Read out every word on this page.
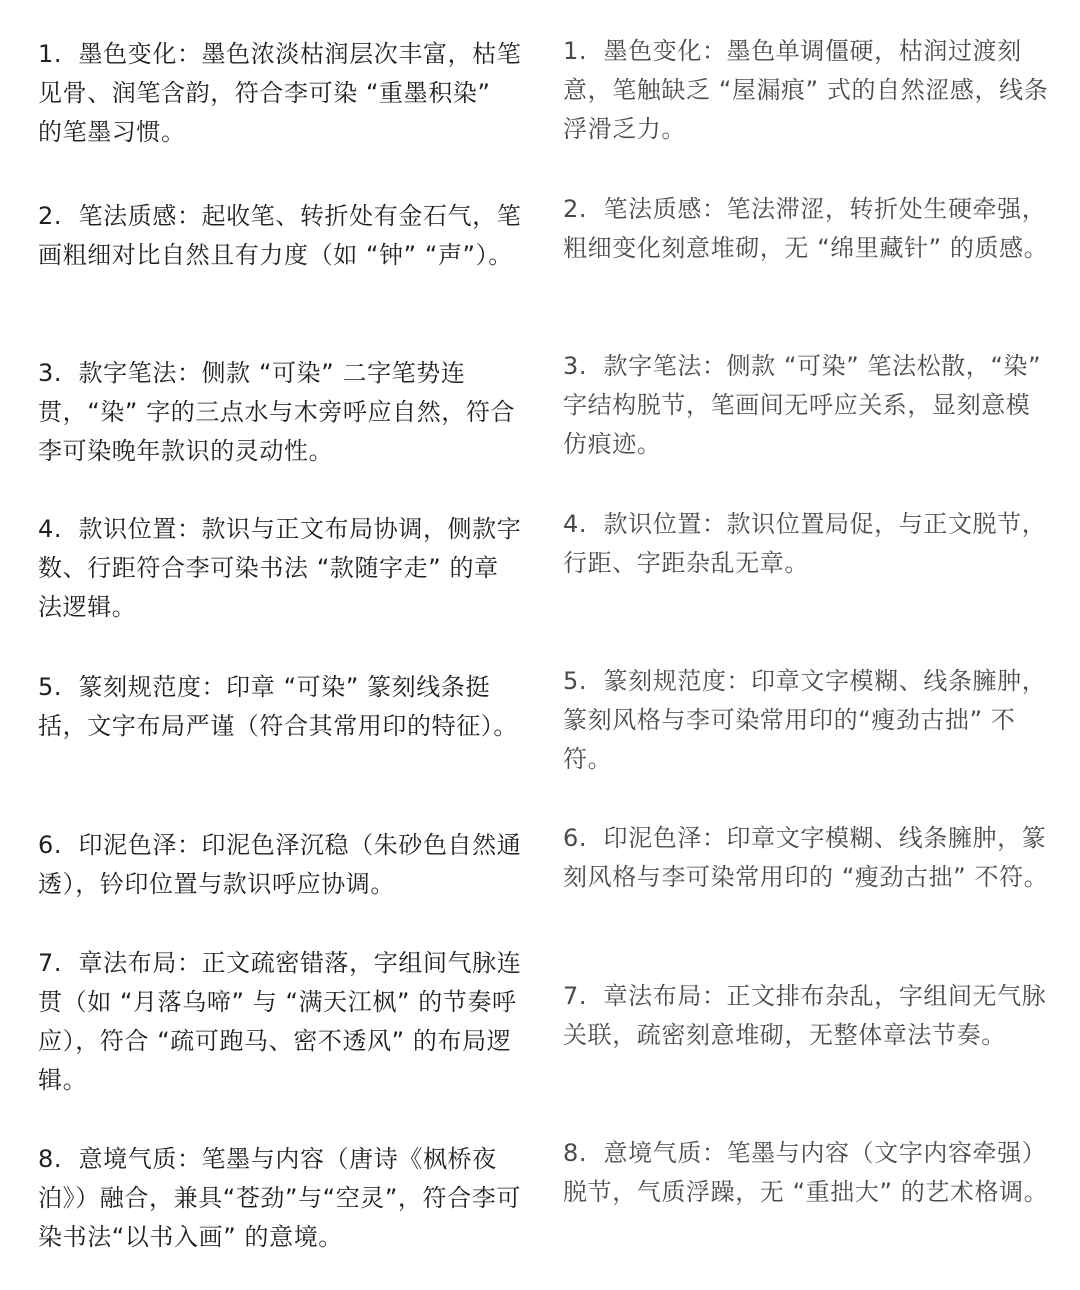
1.  墨色变化：墨色浓淡枯润层次丰富，枯笔见骨、润笔含韵，符合李可染 “重墨积染” 的笔墨习惯。
2.  笔法质感：起收笔、转折处有金石气，笔画粗细对比自然且有力度（如 “钟” “声”）。
3.  款字笔法：侧款 “可染” 二字笔势连贯，“染” 字的三点水与木旁呼应自然，符合李可染晚年款识的灵动性。
4.  款识位置：款识与正文布局协调，侧款字数、行距符合李可染书法 “款随字走” 的章法逻辑。
5.  篆刻规范度：印章 “可染” 篆刻线条挺括，文字布局严谨（符合其常用印的特征）。
6.  印泥色泽：印泥色泽沉稳（朱砂色自然通透），钤印位置与款识呼应协调。
7.  章法布局：正文疏密错落，字组间气脉连贯（如 “月落乌啼” 与 “满天江枫” 的节奏呼应），符合 “疏可跑马、密不透风” 的布局逻辑。
8.  意境气质：笔墨与内容（唐诗《枫桥夜泊》）融合，兼具“苍劲”与“空灵”，符合李可染书法“以书入画” 的意境。
1.  墨色变化：墨色单调僵硬，枯润过渡刻意，笔触缺乏 “屋漏痕” 式的自然涩感，线条浮滑乏力。
2.  笔法质感：笔法滞涩，转折处生硬牵强，粗细变化刻意堆砌，无 “绵里藏针” 的质感。
3.  款字笔法：侧款 “可染” 笔法松散，“染” 字结构脱节，笔画间无呼应关系，显刻意模仿痕迹。
4.  款识位置：款识位置局促，与正文脱节，行距、字距杂乱无章。
5.  篆刻规范度：印章文字模糊、线条臃肿，篆刻风格与李可染常用印的“瘦劲古拙” 不符。
6.  印泥色泽：印章文字模糊、线条臃肿，篆刻风格与李可染常用印的 “瘦劲古拙” 不符。
7.  章法布局：正文排布杂乱，字组间无气脉关联，疏密刻意堆砌，无整体章法节奏。
8.  意境气质：笔墨与内容（文字内容牵强）脱节，气质浮躁，无 “重拙大” 的艺术格调。
